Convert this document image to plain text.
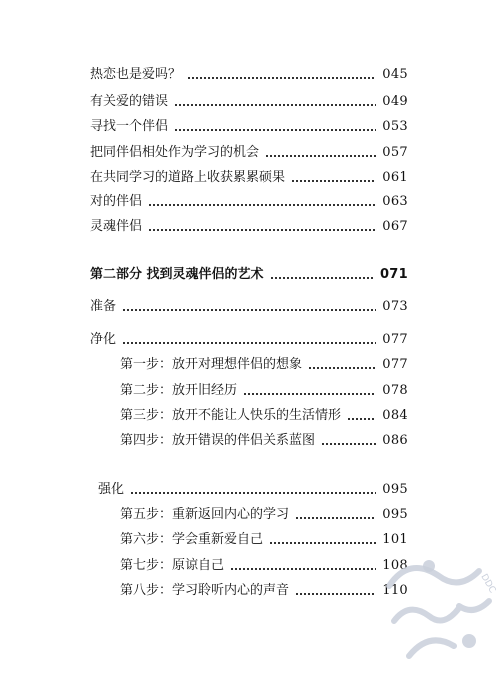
热恋也是爱吗？	045
有关爱的错误	049
寻找一个伴侣	053
把同伴侣相处作为学习的机会	057
在共同学习的道路上收获累累硕果	061
对的伴侣	063
灵魂伴侣	067
第二部分 找到灵魂伴侣的艺术	071
准备	073
净化	077
第一步：放开对理想伴侣的想象	077
第二步：放开旧经历	078
第三步：放开不能让人快乐的生活情形	084
第四步：放开错误的伴侣关系蓝图	086
强化	095
第五步：重新返回内心的学习	095
第六步：学会重新爱自己	101
第七步：原谅自己	108
第八步：学习聆听内心的声音	110	DDC
